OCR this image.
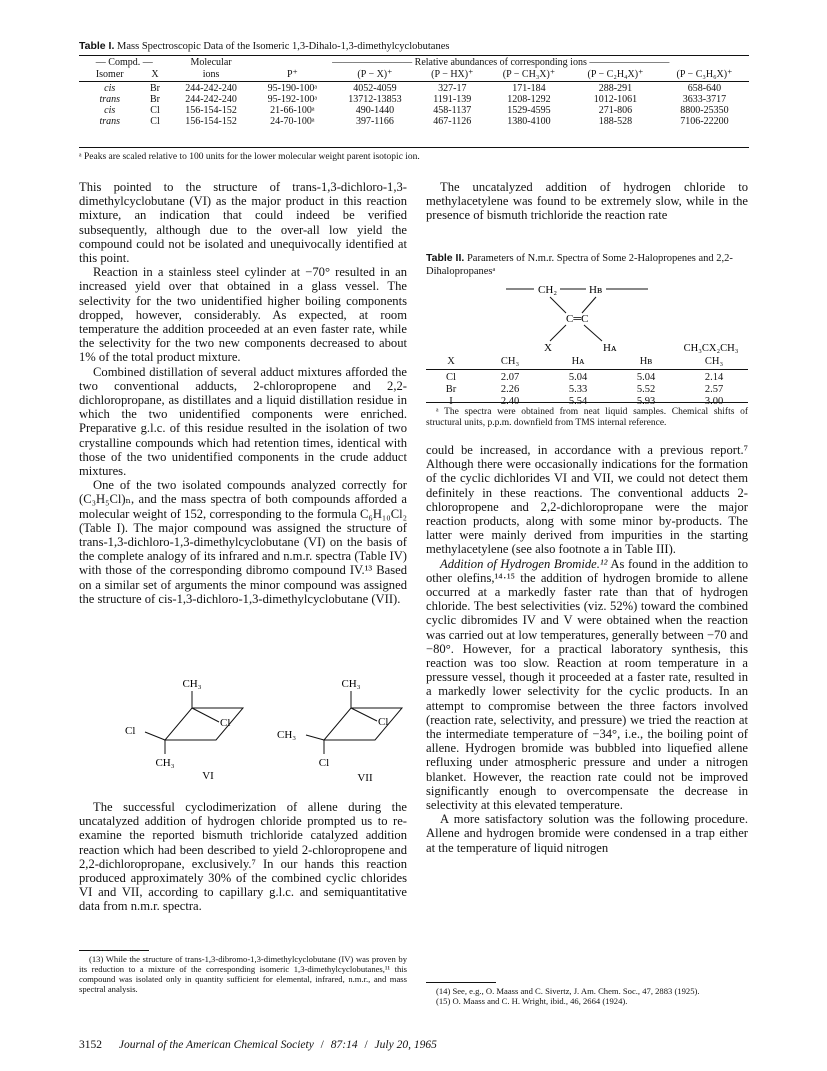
Table I. Mass Spectroscopic Data of the Isomeric 1,3-Dihalo-1,3-dimethylcyclobutanes
— Compd. —		Molecular	———————— Relative abundances of corresponding ions ————————					
Isomer	X	ions	P⁺	(P − X)⁺	(P − HX)⁺	(P − CH₃X)⁺	(P − C₂H₄X)⁺	(P − C₃H₆X)⁺

cis	Br	244-242-240	95-190-100ᵃ	4052-4059	327-17	171-184	288-291	658-640
trans	Br	244-242-240	95-192-100ᵃ	13712-13853	1191-139	1208-1292	1012-1061	3633-3717
cis	Cl	156-154-152	21-66-100ᵃ	490-1440	458-1137	1529-4595	271-806	8800-25350
trans	Cl	156-154-152	24-70-100ᵃ	397-1166	467-1126	1380-4100	188-528	7106-22200
ᵃ Peaks are scaled relative to 100 units for the lower molecular weight parent isotopic ion.

This pointed to the structure of trans-1,3-dichloro-1,3-dimethylcyclobutane (VI) as the major product in this reaction mixture, an indication that could indeed be verified subsequently, although due to the over-all low yield the compound could not be isolated and unequivocally identified at this point.

Reaction in a stainless steel cylinder at −70° resulted in an increased yield over that obtained in a glass vessel. The selectivity for the two unidentified higher boiling components dropped, however, considerably. As expected, at room temperature the addition proceeded at an even faster rate, while the selectivity for the two new components decreased to about 1% of the total product mixture.

Combined distillation of several adduct mixtures afforded the two conventional adducts, 2-chloropropene and 2,2-dichloropropane, as distillates and a liquid distillation residue in which the two unidentified components were enriched. Preparative g.l.c. of this residue resulted in the isolation of two crystalline compounds which had retention times, identical with those of the two unidentified components in the crude adduct mixtures.

One of the two isolated compounds analyzed correctly for (C₃H₅Cl)ₙ, and the mass spectra of both compounds afforded a molecular weight of 152, corresponding to the formula C₆H₁₀Cl₂ (Table I). The major compound was assigned the structure of trans-1,3-dichloro-1,3-dimethylcyclobutane (VI) on the basis of the complete analogy of its infrared and n.m.r. spectra (Table IV) with those of the corresponding dibromo compound IV.¹³ Based on a similar set of arguments the minor compound was assigned the structure of cis-1,3-dichloro-1,3-dimethylcyclobutane (VII).

CH₃
Cl
Cl
CH₃
VI
CH₃
Cl
CH₃
Cl
VII

The successful cyclodimerization of allene during the uncatalyzed addition of hydrogen chloride prompted us to re-examine the reported bismuth trichloride catalyzed addition reaction which had been described to yield 2-chloropropene and 2,2-dichloropropane, exclusively.⁷ In our hands this reaction produced approximately 30% of the combined cyclic chlorides VI and VII, according to capillary g.l.c. and semiquantitative data from n.m.r. spectra.

(13) While the structure of trans-1,3-dibromo-1,3-dimethylcyclobutane (IV) was proven by its reduction to a mixture of the corresponding isomeric 1,3-dimethylcyclobutanes,¹¹ this compound was isolated only in quantity sufficient for elemental, infrared, n.m.r., and mass spectral analysis.

The uncatalyzed addition of hydrogen chloride to methylacetylene was found to be extremely slow, while in the presence of bismuth trichloride the reaction rate

Table II. Parameters of N.m.r. Spectra of Some 2-Halopropenes and 2,2-Dihalopropanesᵃ
CH₂	Hʙ
C═C
X	Hᴀ	CH₃CX₂CH₃
X	CH₃	Hᴀ	Hʙ	CH₃

Cl	2.07	5.04	5.04	2.14
Br	2.26	5.33	5.52	2.57
I	2.40	5.54	5.93	3.00

ᵃ The spectra were obtained from neat liquid samples. Chemical shifts of structural units, p.p.m. downfield from TMS internal reference.

could be increased, in accordance with a previous report.⁷ Although there were occasionally indications for the formation of the cyclic dichlorides VI and VII, we could not detect them definitely in these reactions. The conventional adducts 2-chloropropene and 2,2-dichloropropane were the major reaction products, along with some minor by-products. The latter were mainly derived from impurities in the starting methylacetylene (see also footnote a in Table III).

Addition of Hydrogen Bromide.¹² As found in the addition to other olefins,¹⁴·¹⁵ the addition of hydrogen bromide to allene occurred at a markedly faster rate than that of hydrogen chloride. The best selectivities (viz. 52%) toward the combined cyclic dibromides IV and V were obtained when the reaction was carried out at low temperatures, generally between −70 and −80°. However, for a practical laboratory synthesis, this reaction was too slow. Reaction at room temperature in a pressure vessel, though it proceeded at a faster rate, resulted in a markedly lower selectivity for the cyclic products. In an attempt to compromise between the three factors involved (reaction rate, selectivity, and pressure) we tried the reaction at the intermediate temperature of −34°, i.e., the boiling point of allene. Hydrogen bromide was bubbled into liquefied allene refluxing under atmospheric pressure and under a nitrogen blanket. However, the reaction rate could not be improved significantly enough to overcompensate the decrease in selectivity at this elevated temperature.

A more satisfactory solution was the following procedure. Allene and hydrogen bromide were condensed in a trap either at the temperature of liquid nitrogen

(14) See, e.g., O. Maass and C. Sivertz, J. Am. Chem. Soc., 47, 2883 (1925).

(15) O. Maass and C. H. Wright, ibid., 46, 2664 (1924).

3152 Journal of the American Chemical Society / 87:14 / July 20, 1965
